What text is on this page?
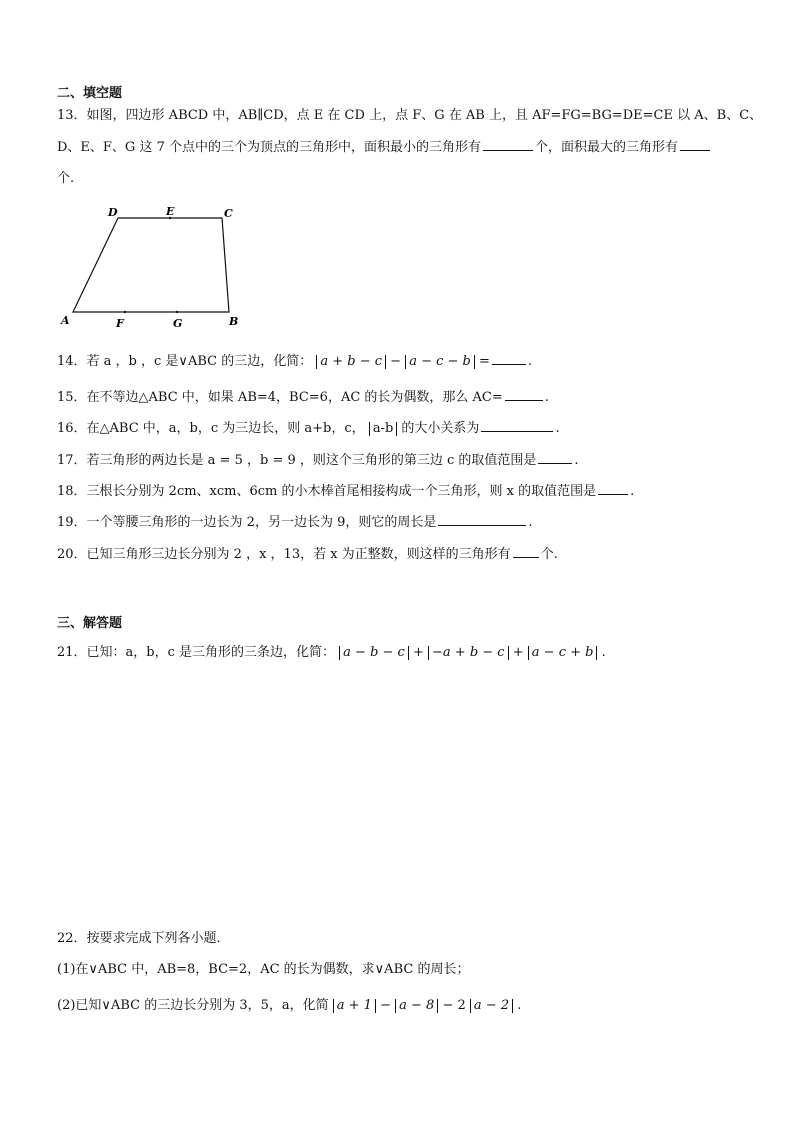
二、填空题
13．如图，四边形 ABCD 中，AB∥CD，点 E 在 CD 上，点 F、G 在 AB 上，且 AF=FG=BG=DE=CE 以 A、B、C、
D、E、F、G 这 7 个点中的三个为顶点的三角形中，面积最小的三角形有	个，面积最大的三角形有
个.
D	E	C
A	F	G	B
14．若 a ，b ，c 是∨ABC 的三边，化简： a + b − c − a − c − b =	.
15．在不等边△ABC 中，如果 AB=4，BC=6，AC 的长为偶数，那么 AC=	.
16．在△ABC 中，a，b，c 为三边长，则 a+b，c， a-b 的大小关系为	.
17．若三角形的两边长是 a = 5 ，b = 9 ，则这个三角形的第三边 c 的取值范围是	.
18．三根长分别为 2cm、xcm、6cm 的小木棒首尾相接构成一个三角形，则 x 的取值范围是	.
19．一个等腰三角形的一边长为 2，另一边长为 9，则它的周长是	.
20．已知三角形三边长分别为 2 ，x ，13，若 x 为正整数，则这样的三角形有 个.
三、解答题
21．已知：a，b，c 是三角形的三条边，化简： a − b − c + −a + b − c + a − c + b .
22．按要求完成下列各小题．
(1)在∨ABC 中，AB=8，BC=2，AC 的长为偶数，求∨ABC 的周长；
(2)已知∨ABC 的三边长分别为 3，5，a，化简 a + 1 − a − 8 − 2 a − 2 .
